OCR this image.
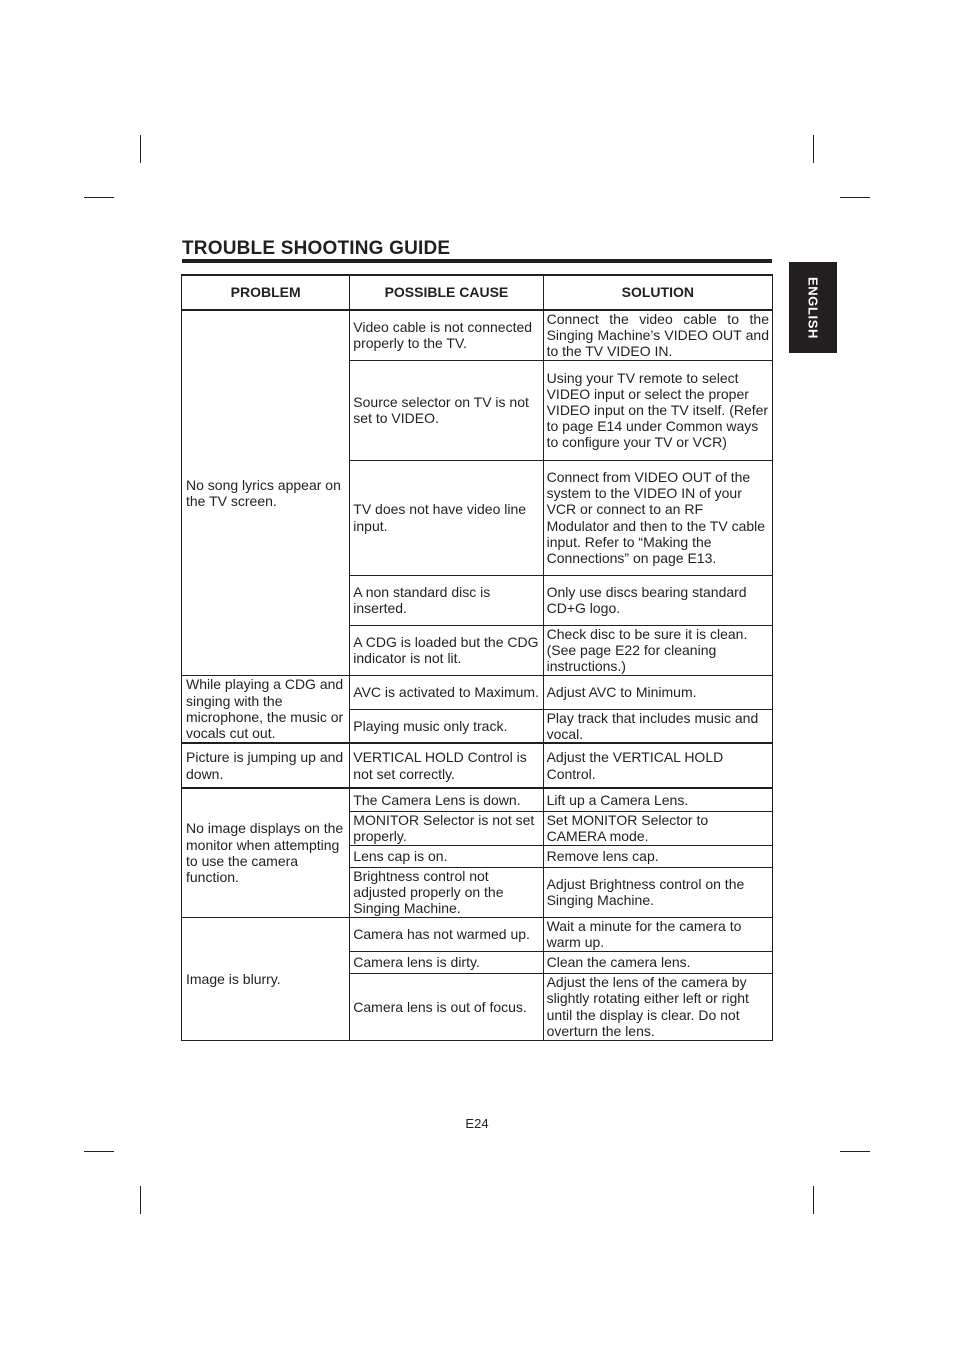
TROUBLE SHOOTING GUIDE
ENGLISH
PROBLEM	POSSIBLE CAUSE	SOLUTION
No song lyrics appear on the TV screen.	Video cable is not connected properly to the TV.	Connect the video cable to the Singing Machine’s VIDEO OUT and to the TV VIDEO IN.
	Source selector on TV is not set to VIDEO.	Using your TV remote to select VIDEO input or select the proper VIDEO input on the TV itself. (Refer to page E14 under Common ways to configure your TV or VCR)
	TV does not have video line input.	Connect from VIDEO OUT of the system to the VIDEO IN of your VCR or connect to an RF Modulator and then to the TV cable input. Refer to “Making the Connections” on page E13.
	A non standard disc is inserted.	Only use discs bearing standard CD+G logo.
	A CDG is loaded but the CDG indicator is not lit.	Check disc to be sure it is clean. (See page E22 for cleaning instructions.)
While playing a CDG and singing with the microphone, the music or vocals cut out.	AVC is activated to Maximum.	Adjust AVC to Minimum.
	Playing music only track.	Play track that includes music and vocal.
Picture is jumping up and down.	VERTICAL HOLD Control is not set correctly.	Adjust the VERTICAL HOLD Control.
No image displays on the monitor when attempting to use the camera function.	The Camera Lens is down.	Lift up a Camera Lens.
	MONITOR Selector is not set properly.	Set MONITOR Selector to CAMERA mode.
	Lens cap is on.	Remove lens cap.
	Brightness control not adjusted properly on the Singing Machine.	Adjust Brightness control on the Singing Machine.
Image is blurry.	Camera has not warmed up.	Wait a minute for the camera to warm up.
	Camera lens is dirty.	Clean the camera lens.
	Camera lens is out of focus.	Adjust the lens of the camera by slightly rotating either left or right until the display is clear. Do not overturn the lens.
E24
